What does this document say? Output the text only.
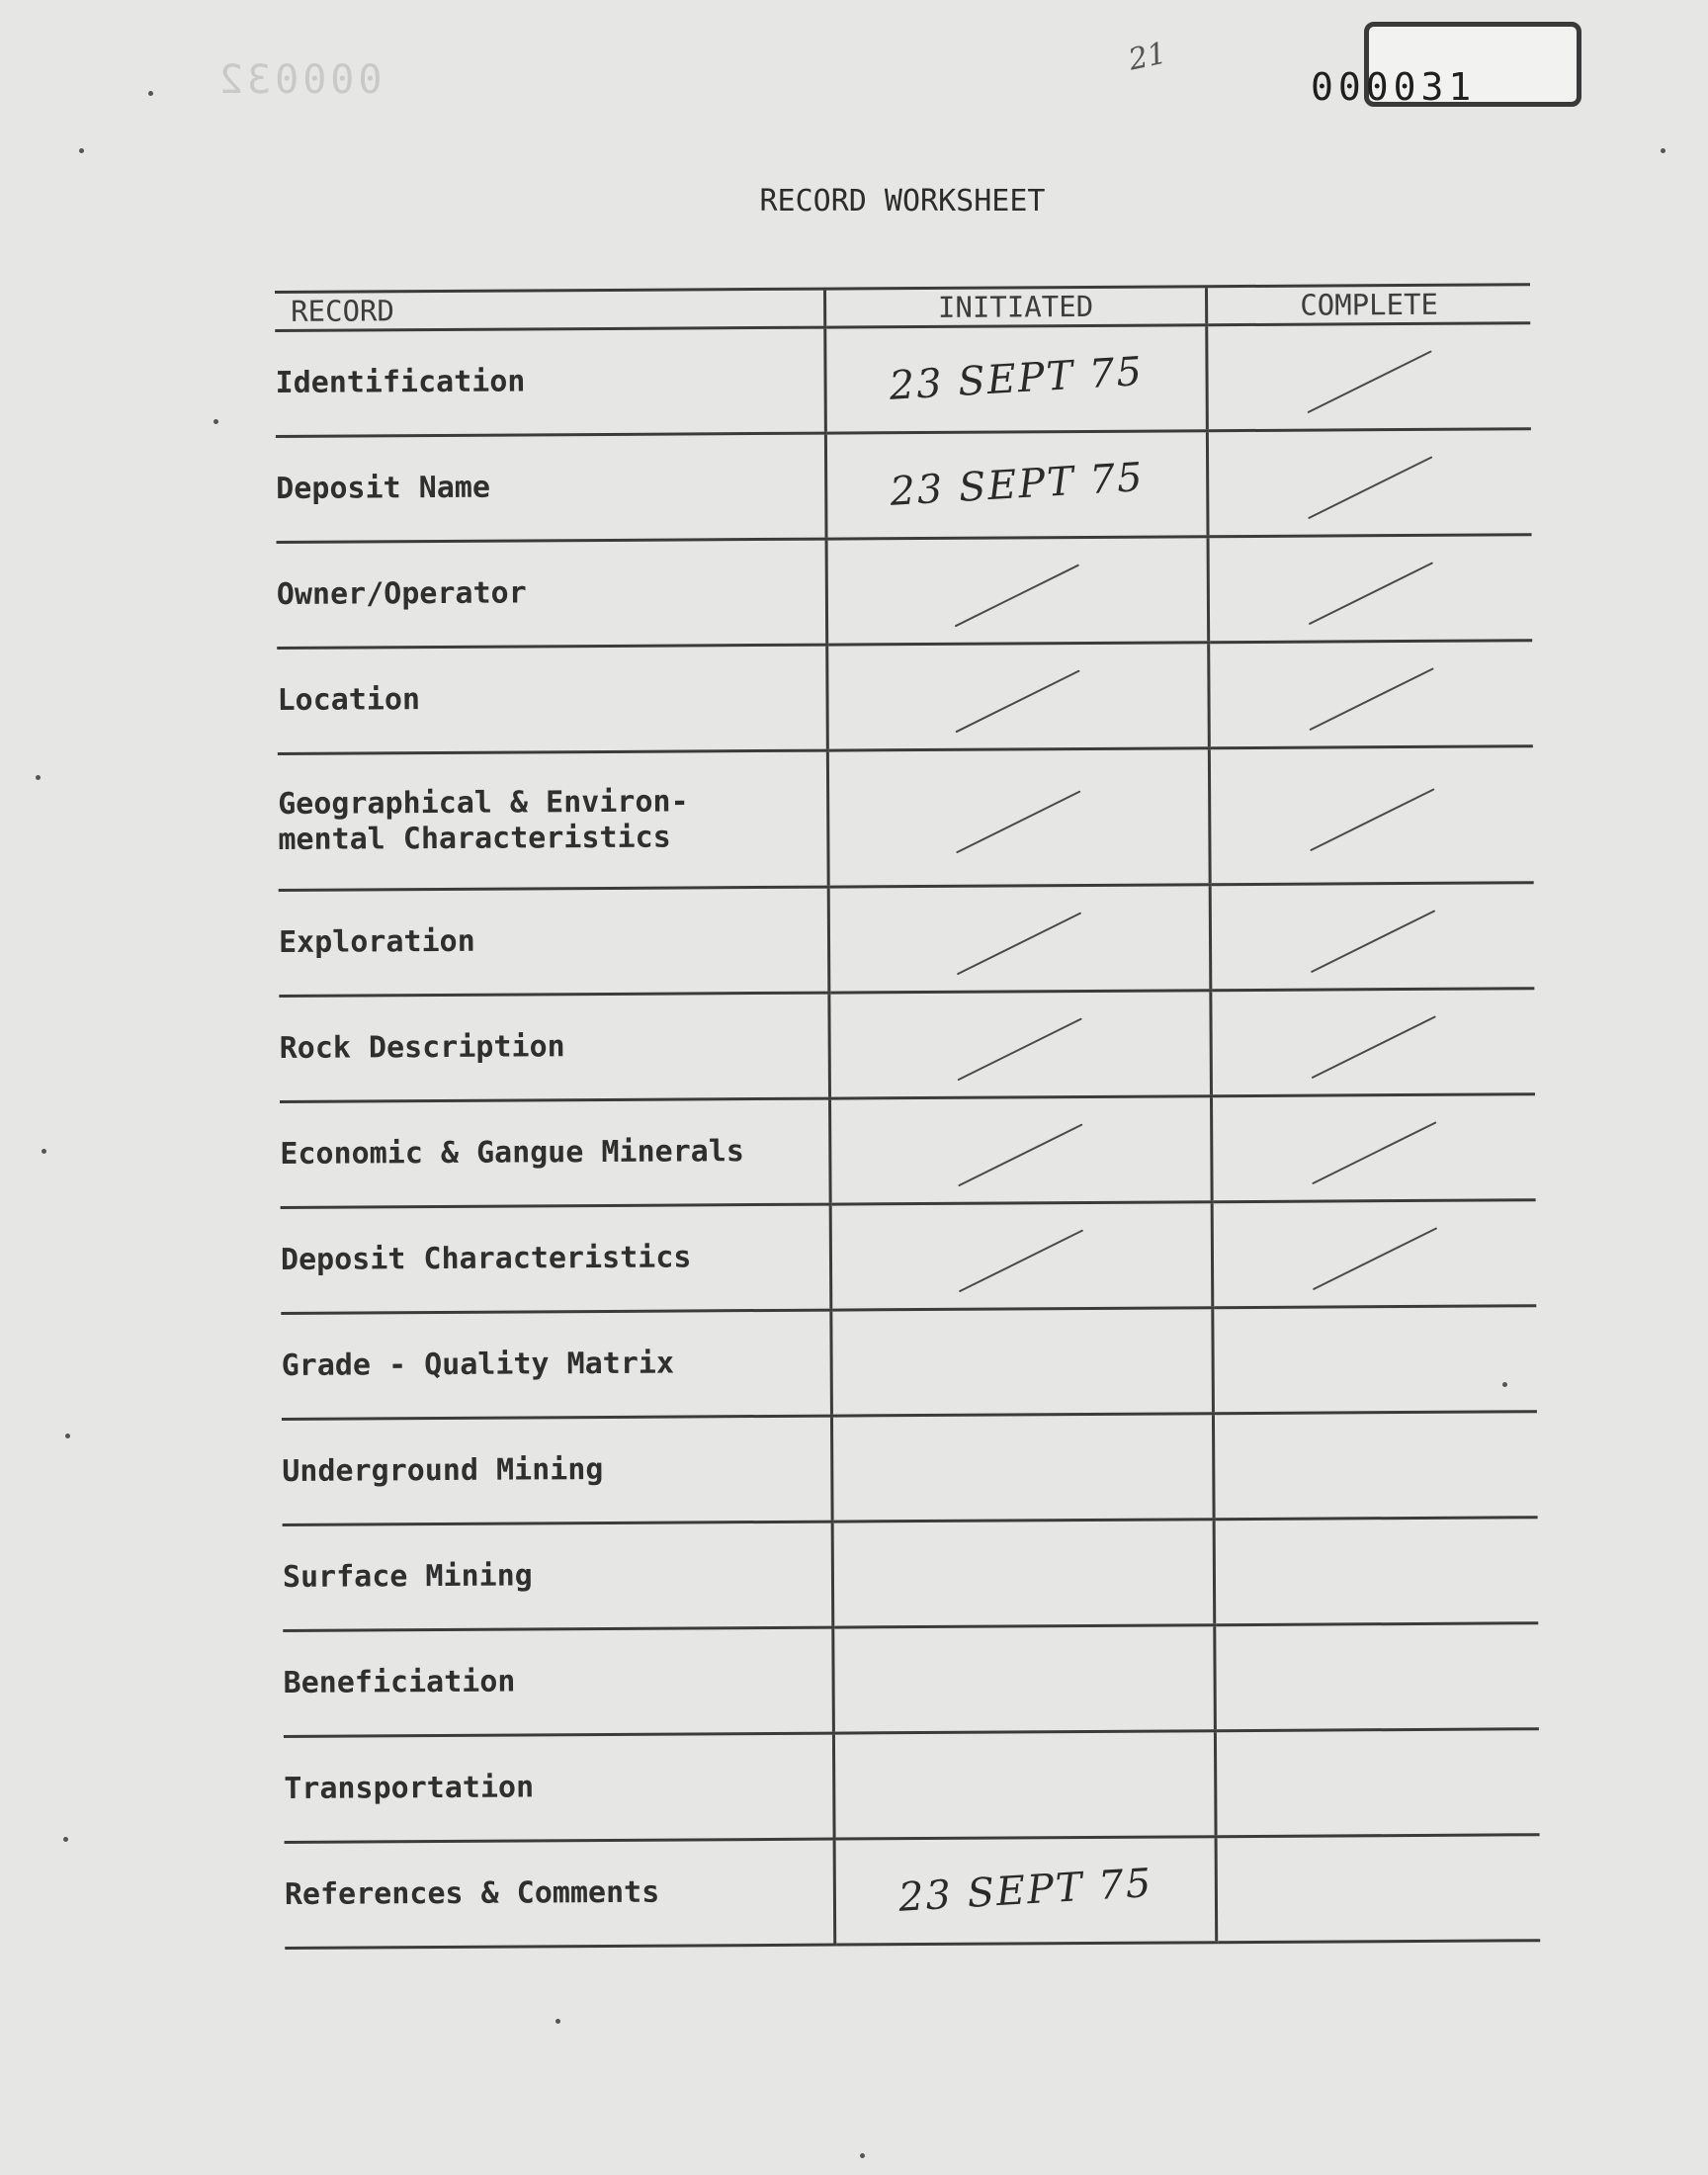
000032
21
000031
RECORD WORKSHEET
RECORD	INITIATED	COMPLETE
Identification	23 SEPT 75	
Deposit Name	23 SEPT 75	
Owner/Operator		
Location		
Geographical & Environ-
mental Characteristics		
Exploration		
Rock Description		
Economic & Gangue Minerals		
Deposit Characteristics		
Grade - Quality Matrix		
Underground Mining		
Surface Mining		
Beneficiation		
Transportation		
References & Comments	23 SEPT 75	
